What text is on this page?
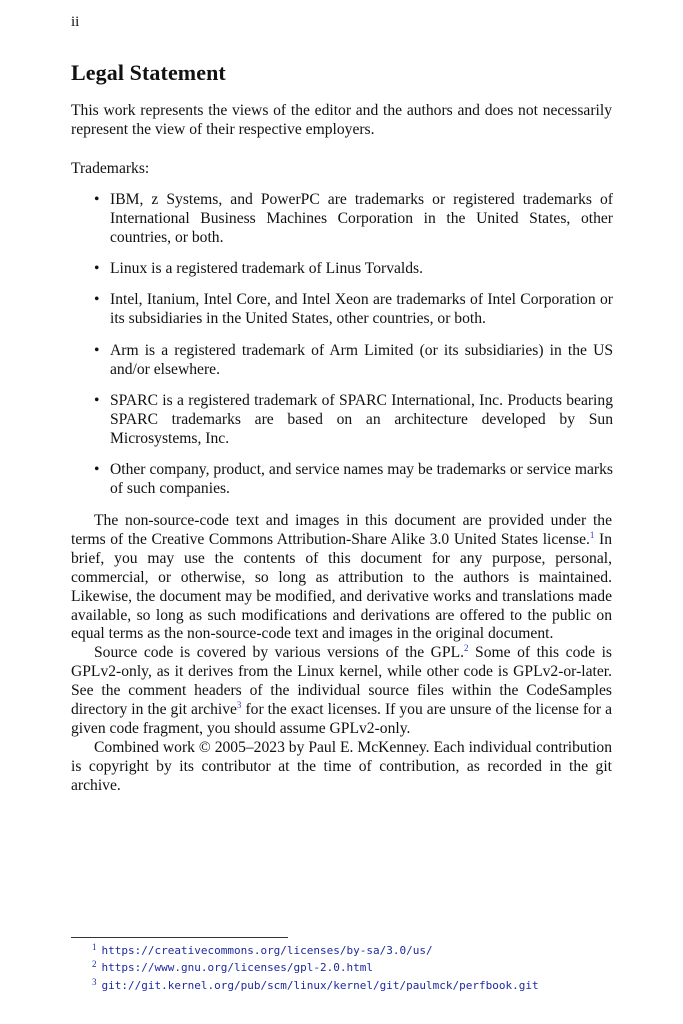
ii
Legal Statement

This work represents the views of the editor and the authors and does not necessarily represent the view of their respective employers.

Trademarks:

• IBM, z Systems, and PowerPC are trademarks or registered trademarks of International Business Machines Corporation in the United States, other countries, or both.
• Linux is a registered trademark of Linus Torvalds.
• Intel, Itanium, Intel Core, and Intel Xeon are trademarks of Intel Corporation or its subsidiaries in the United States, other countries, or both.
• Arm is a registered trademark of Arm Limited (or its subsidiaries) in the US and/or elsewhere.
• SPARC is a registered trademark of SPARC International, Inc. Products bearing SPARC trademarks are based on an architecture developed by Sun Microsystems, Inc.
• Other company, product, and service names may be trademarks or service marks of such companies.

The non-source-code text and images in this document are provided under the terms of the Creative Commons Attribution-Share Alike 3.0 United States license.$^1$ In brief, you may use the contents of this document for any purpose, personal, commercial, or otherwise, so long as attribution to the authors is maintained. Likewise, the document may be modified, and derivative works and translations made available, so long as such modifications and derivations are offered to the public on equal terms as the non-source-code text and images in the original document.

Source code is covered by various versions of the GPL.$^2$ Some of this code is GPLv2-only, as it derives from the Linux kernel, while other code is GPLv2-or-later. See the comment headers of the individual source files within the CodeSamples directory in the git archive$^3$ for the exact licenses. If you are unsure of the license for a given code fragment, you should assume GPLv2-only.

Combined work © 2005–2023 by Paul E. McKenney. Each individual contribution is copyright by its contributor at the time of contribution, as recorded in the git archive.

$^1$ https://creativecommons.org/licenses/by-sa/3.0/us/
$^2$ https://www.gnu.org/licenses/gpl-2.0.html
$^3$ git://git.kernel.org/pub/scm/linux/kernel/git/paulmck/perfbook.git
